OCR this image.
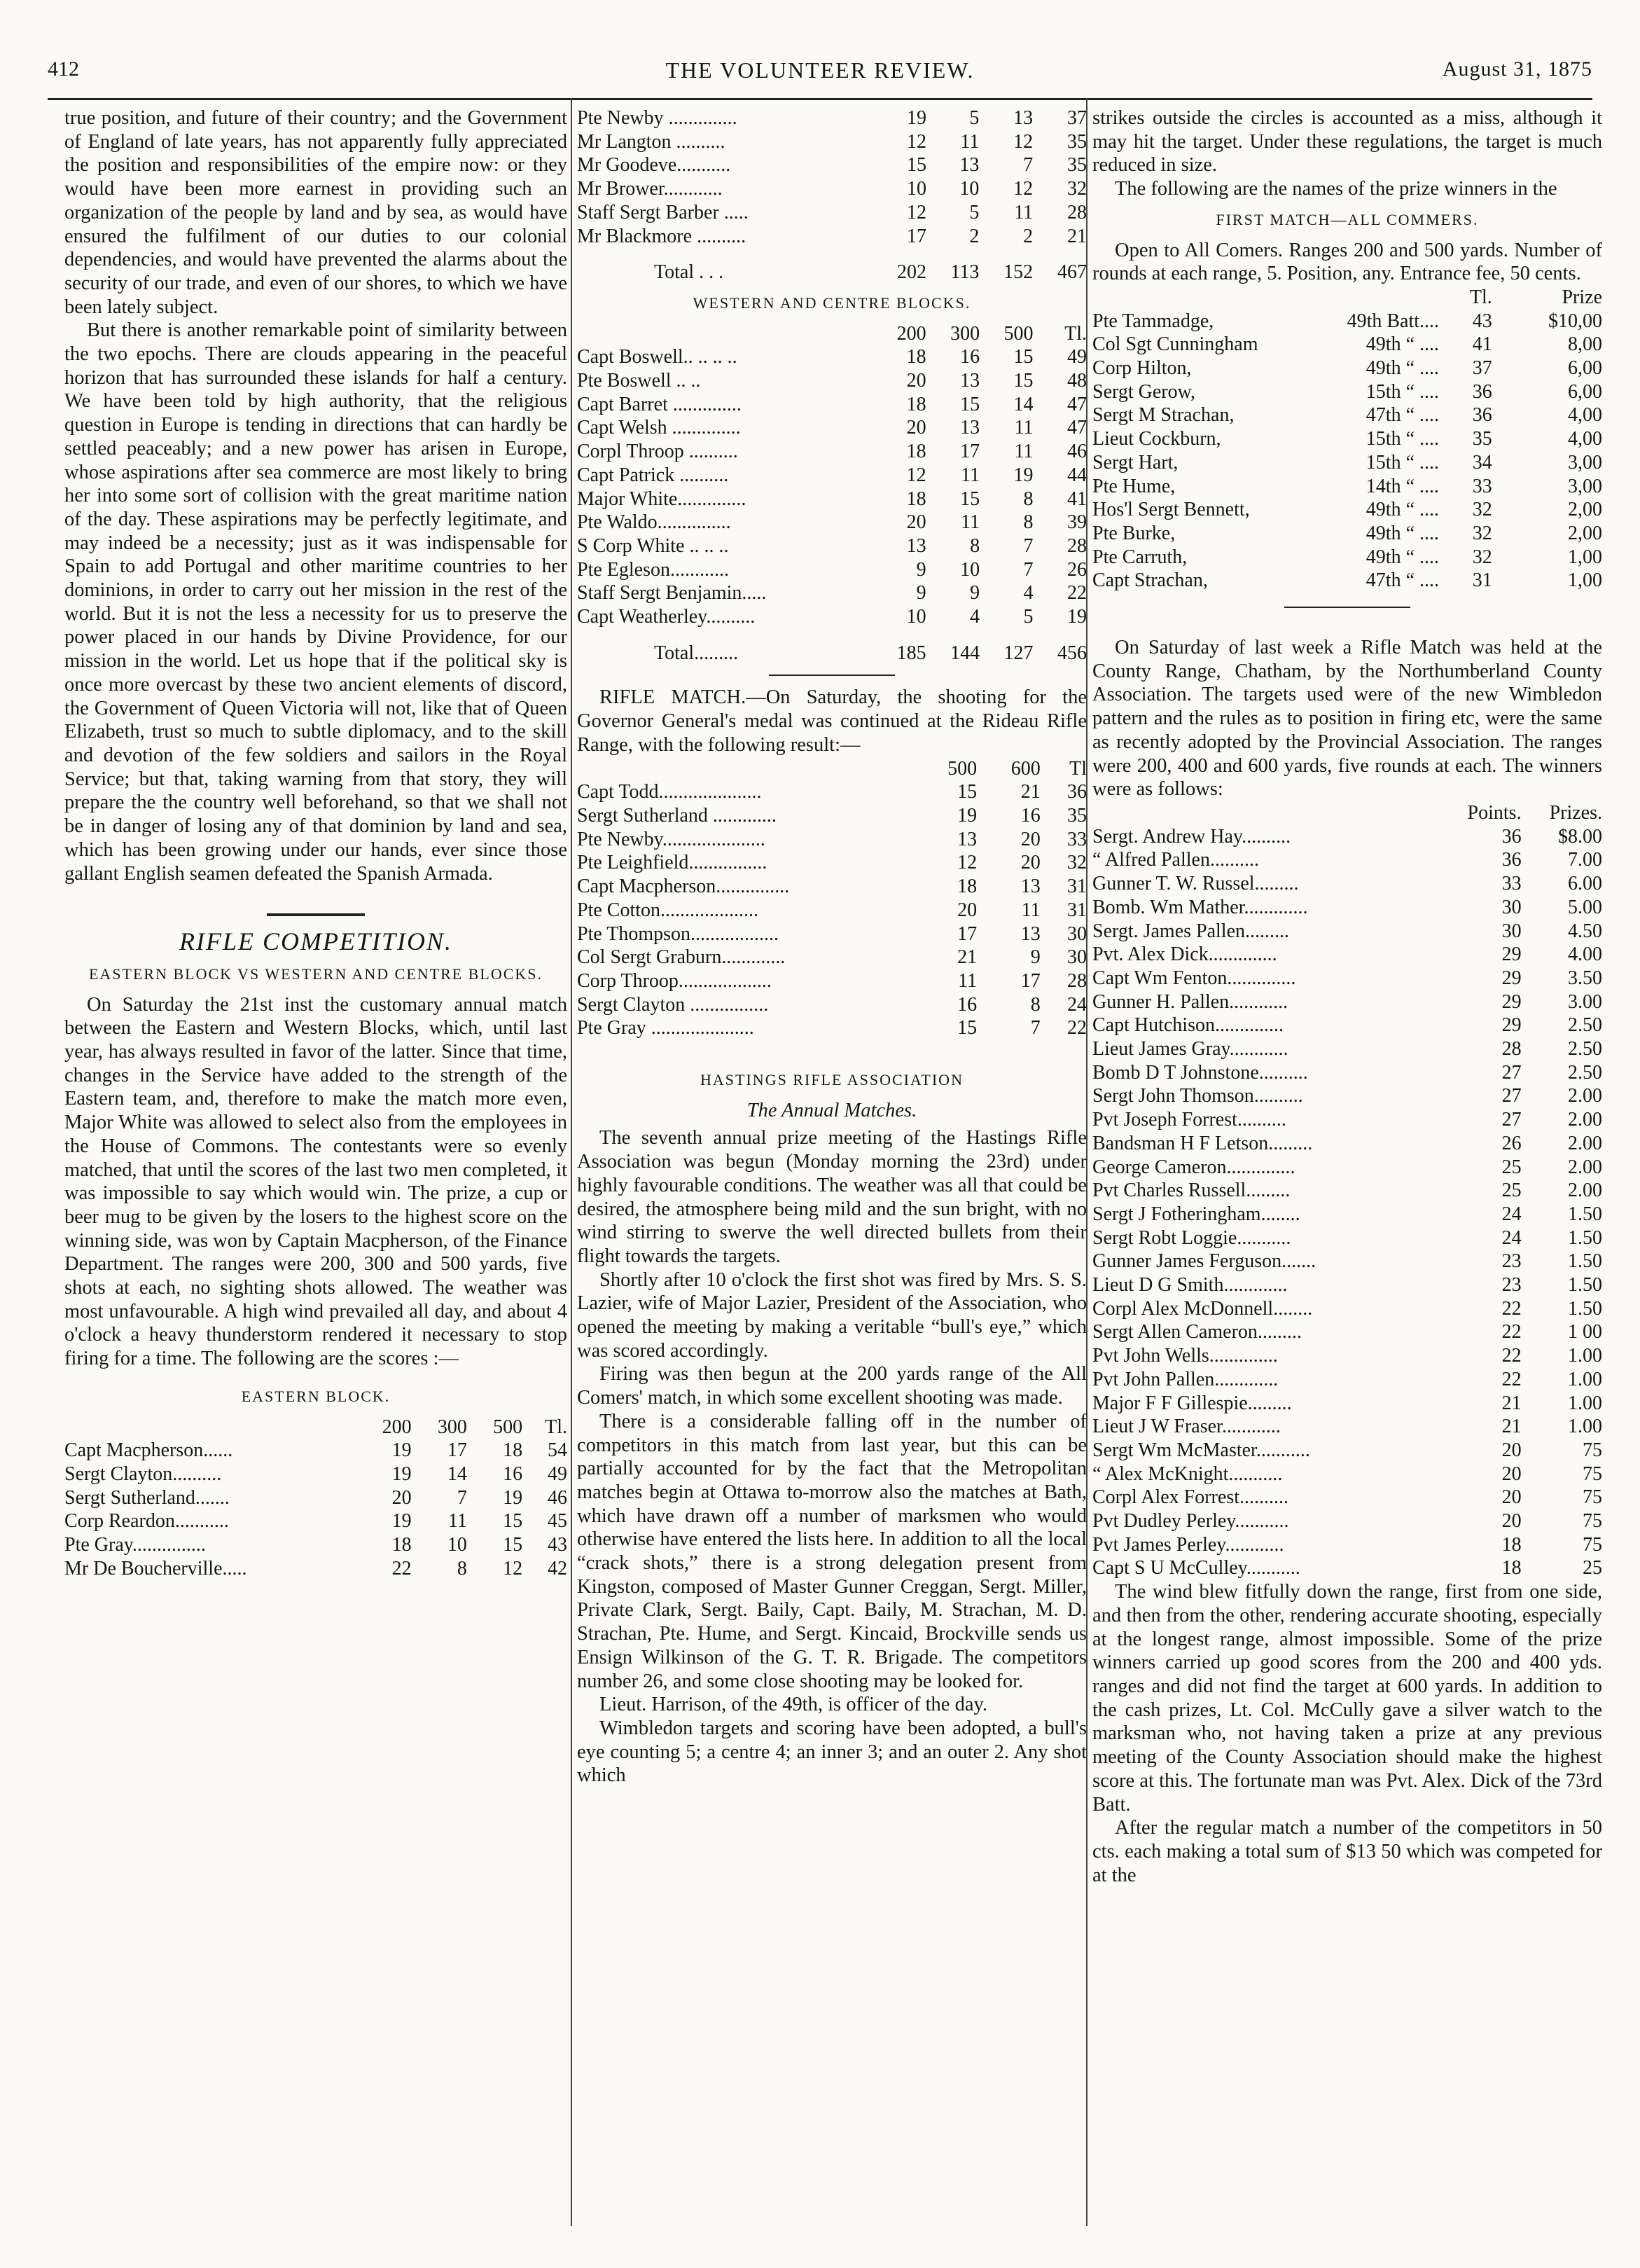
412	THE VOLUNTEER REVIEW.	August 31, 1875

true position, and future of their country; and the Government of England of late years, has not apparently fully appreciated the position and responsibilities of the empire now: or they would have been more earnest in providing such an organization of the people by land and by sea, as would have ensured the fulfilment of our duties to our colonial dependencies, and would have prevented the alarms about the security of our trade, and even of our shores, to which we have been lately subject.

But there is another remarkable point of similarity between the two epochs. There are clouds appearing in the peaceful horizon that has surrounded these islands for half a century. We have been told by high authority, that the religious question in Europe is tending in directions that can hardly be settled peaceably; and a new power has arisen in Europe, whose aspirations after sea commerce are most likely to bring her into some sort of collision with the great maritime nation of the day. These aspirations may be perfectly legitimate, and may indeed be a necessity; just as it was indispensable for Spain to add Portugal and other maritime countries to her dominions, in order to carry out her mission in the rest of the world. But it is not the less a necessity for us to preserve the power placed in our hands by Divine Providence, for our mission in the world. Let us hope that if the political sky is once more overcast by these two ancient elements of discord, the Government of Queen Victoria will not, like that of Queen Elizabeth, trust so much to subtle diplomacy, and to the skill and devotion of the few soldiers and sailors in the Royal Service; but that, taking warning from that story, they will prepare the the country well beforehand, so that we shall not be in danger of losing any of that dominion by land and sea, which has been growing under our hands, ever since those gallant English seamen defeated the Spanish Armada.

RIFLE COMPETITION.
EASTERN BLOCK VS WESTERN AND CENTRE BLOCKS.

On Saturday the 21st inst the customary annual match between the Eastern and Western Blocks, which, until last year, has always resulted in favor of the latter. Since that time, changes in the Service have added to the strength of the Eastern team, and, therefore to make the match more even, Major White was allowed to select also from the employees in the House of Commons. The contestants were so evenly matched, that until the scores of the last two men completed, it was impossible to say which would win. The prize, a cup or beer mug to be given by the losers to the highest score on the winning side, was won by Captain Macpherson, of the Finance Department. The ranges were 200, 300 and 500 yards, five shots at each, no sighting shots allowed. The weather was most unfavourable. A high wind prevailed all day, and about 4 o'clock a heavy thunderstorm rendered it necessary to stop firing for a time. The following are the scores :—

EASTERN BLOCK.
	200	300	500	Tl.
Capt Macpherson......	19	17	18	54
Sergt Clayton..........	19	14	16	49
Sergt Sutherland.......	20	7	19	46
Corp Reardon...........	19	11	15	45
Pte Gray...............	18	10	15	43
Mr De Boucherville.....	22	8	12	42
Pte Newby ..............	19	5	13	37
Mr Langton ..........	12	11	12	35
Mr Goodeve...........	15	13	7	35
Mr Brower............	10	10	12	32
Staff Sergt Barber .....	12	5	11	28
Mr Blackmore ..........	17	2	2	21
Total . . .	202	113	152	467
WESTERN AND CENTRE BLOCKS.
	200	300	500	Tl.
Capt Boswell.. .. .. ..	18	16	15	49
Pte Boswell .. ..	20	13	15	48
Capt Barret ..............	18	15	14	47
Capt Welsh ..............	20	13	11	47
Corpl Throop ..........	18	17	11	46
Capt Patrick ..........	12	11	19	44
Major White..............	18	15	8	41
Pte Waldo...............	20	11	8	39
S Corp White .. .. ..	13	8	7	28
Pte Egleson............	9	10	7	26
Staff Sergt Benjamin.....	9	9	4	22
Capt Weatherley..........	10	4	5	19
Total.........	185	144	127	456

RIFLE MATCH.—On Saturday, the shooting for the Governor General's medal was continued at the Rideau Rifle Range, with the following result:—

	500	600	Tl
Capt Todd.....................	15	21	36
Sergt Sutherland .............	19	16	35
Pte Newby.....................	13	20	33
Pte Leighfield................	12	20	32
Capt Macpherson...............	18	13	31
Pte Cotton....................	20	11	31
Pte Thompson..................	17	13	30
Col Sergt Graburn.............	21	9	30
Corp Throop...................	11	17	28
Sergt Clayton ................	16	8	24
Pte Gray .....................	15	7	22
HASTINGS RIFLE ASSOCIATION
The Annual Matches.

The seventh annual prize meeting of the Hastings Rifle Association was begun (Monday morning the 23rd) under highly favourable conditions. The weather was all that could be desired, the atmosphere being mild and the sun bright, with no wind stirring to swerve the well directed bullets from their flight towards the targets.

Shortly after 10 o'clock the first shot was fired by Mrs. S. S. Lazier, wife of Major Lazier, President of the Association, who opened the meeting by making a veritable “bull's eye,” which was scored accordingly.

Firing was then begun at the 200 yards range of the All Comers' match, in which some excellent shooting was made.

There is a considerable falling off in the number of competitors in this match from last year, but this can be partially accounted for by the fact that the Metropolitan matches begin at Ottawa to-morrow also the matches at Bath, which have drawn off a number of marksmen who would otherwise have entered the lists here. In addition to all the local “crack shots,” there is a strong delegation present from Kingston, composed of Master Gunner Creggan, Sergt. Miller, Private Clark, Sergt. Baily, Capt. Baily, M. Strachan, M. D. Strachan, Pte. Hume, and Sergt. Kincaid, Brockville sends us Ensign Wilkinson of the G. T. R. Brigade. The competitors number 26, and some close shooting may be looked for.

Lieut. Harrison, of the 49th, is officer of the day.

Wimbledon targets and scoring have been adopted, a bull's eye counting 5; a centre 4; an inner 3; and an outer 2. Any shot which

strikes outside the circles is accounted as a miss, although it may hit the target. Under these regulations, the target is much reduced in size.

The following are the names of the prize winners in the

FIRST MATCH—ALL COMMERS.

Open to All Comers. Ranges 200 and 500 yards. Number of rounds at each range, 5. Position, any. Entrance fee, 50 cents.

		Tl.	Prize
Pte Tammadge,	49th Batt....	43	$10,00
Col Sgt Cunningham	49th “ ....	41	8,00
Corp Hilton,	49th “ ....	37	6,00
Sergt Gerow,	15th “ ....	36	6,00
Sergt M Strachan,	47th “ ....	36	4,00
Lieut Cockburn,	15th “ ....	35	4,00
Sergt Hart,	15th “ ....	34	3,00
Pte Hume,	14th “ ....	33	3,00
Hos'l Sergt Bennett,	49th “ ....	32	2,00
Pte Burke,	49th “ ....	32	2,00
Pte Carruth,	49th “ ....	32	1,00
Capt Strachan,	47th “ ....	31	1,00

On Saturday of last week a Rifle Match was held at the County Range, Chatham, by the Northumberland County Association. The targets used were of the new Wimbledon pattern and the rules as to position in firing etc, were the same as recently adopted by the Provincial Association. The ranges were 200, 400 and 600 yards, five rounds at each. The winners were as follows:

	Points.	Prizes.
Sergt. Andrew Hay..........	36	$8.00
“ Alfred Pallen..........	36	7.00
Gunner T. W. Russel.........	33	6.00
Bomb. Wm Mather.............	30	5.00
Sergt. James Pallen.........	30	4.50
Pvt. Alex Dick..............	29	4.00
Capt Wm Fenton..............	29	3.50
Gunner H. Pallen............	29	3.00
Capt Hutchison..............	29	2.50
Lieut James Gray............	28	2.50
Bomb D T Johnstone..........	27	2.50
Sergt John Thomson..........	27	2.00
Pvt Joseph Forrest..........	27	2.00
Bandsman H F Letson.........	26	2.00
George Cameron..............	25	2.00
Pvt Charles Russell.........	25	2.00
Sergt J Fotheringham........	24	1.50
Sergt Robt Loggie...........	24	1.50
Gunner James Ferguson.......	23	1.50
Lieut D G Smith.............	23	1.50
Corpl Alex McDonnell........	22	1.50
Sergt Allen Cameron.........	22	1 00
Pvt John Wells..............	22	1.00
Pvt John Pallen.............	22	1.00
Major F F Gillespie.........	21	1.00
Lieut J W Fraser............	21	1.00
Sergt Wm McMaster...........	20	75
“ Alex McKnight...........	20	75
Corpl Alex Forrest..........	20	75
Pvt Dudley Perley...........	20	75
Pvt James Perley............	18	75
Capt S U McCulley...........	18	25

The wind blew fitfully down the range, first from one side, and then from the other, rendering accurate shooting, especially at the longest range, almost impossible. Some of the prize winners carried up good scores from the 200 and 400 yds. ranges and did not find the target at 600 yards. In addition to the cash prizes, Lt. Col. McCully gave a silver watch to the marksman who, not having taken a prize at any previous meeting of the County Association should make the highest score at this. The fortunate man was Pvt. Alex. Dick of the 73rd Batt.

After the regular match a number of the competitors in 50 cts. each making a total sum of $13 50 which was competed for at the
